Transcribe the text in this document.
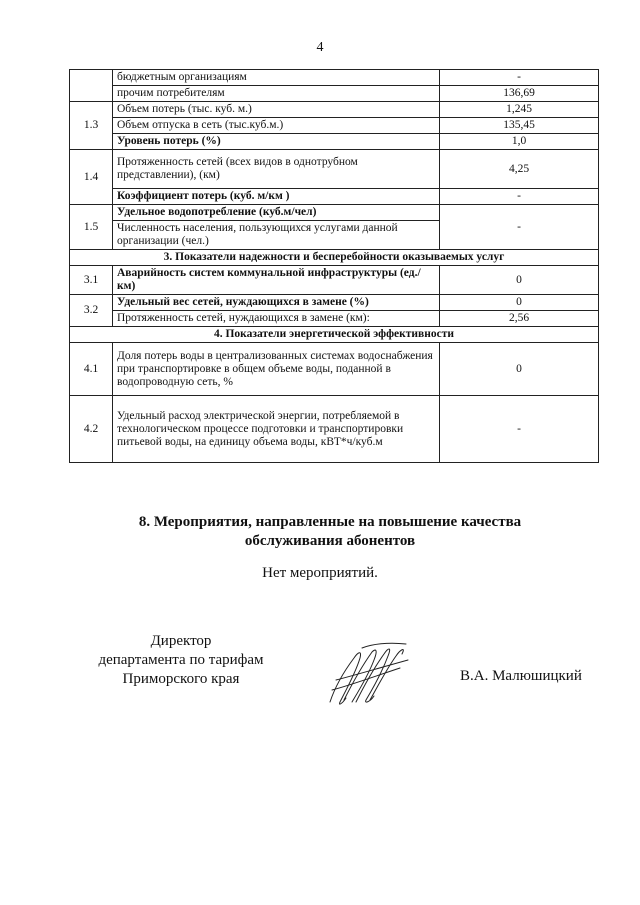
4
	бюджетным организациям	-
	прочим потребителям	136,69
1.3	Объем потерь (тыс. куб. м.)	1,245
	Объем отпуска в сеть (тыс.куб.м.)	135,45
	Уровень потерь (%)	1,0
1.4	Протяженность сетей (всех видов в однотрубном представлении), (км)	4,25
	Коэффициент потерь (куб. м/км )	-
1.5	Удельное водопотребление (куб.м/чел)	-
	Численность населения, пользующихся услугами данной организации (чел.)	
3. Показатели надежности и бесперебойности оказываемых услуг		
3.1	Аварийность систем коммунальной инфраструктуры (ед./км)	0
3.2	Удельный вес сетей, нуждающихся в замене (%)	0
	Протяженность сетей, нуждающихся в замене (км):	2,56
4. Показатели энергетической эффективности		
4.1	Доля потерь воды в централизованных системах водоснабжения при транспортировке в общем объеме воды, поданной в водопроводную сеть, %	0
4.2	Удельный расход электрической энергии, потребляемой в технологическом процессе подготовки и транспортировки питьевой воды, на единицу объема воды, кВТ*ч/куб.м	-
8. Мероприятия, направленные на повышение качества
обслуживания абонентов
Нет мероприятий.
Директор
департамента по тарифам
Приморского края	В.А. Малюшицкий
